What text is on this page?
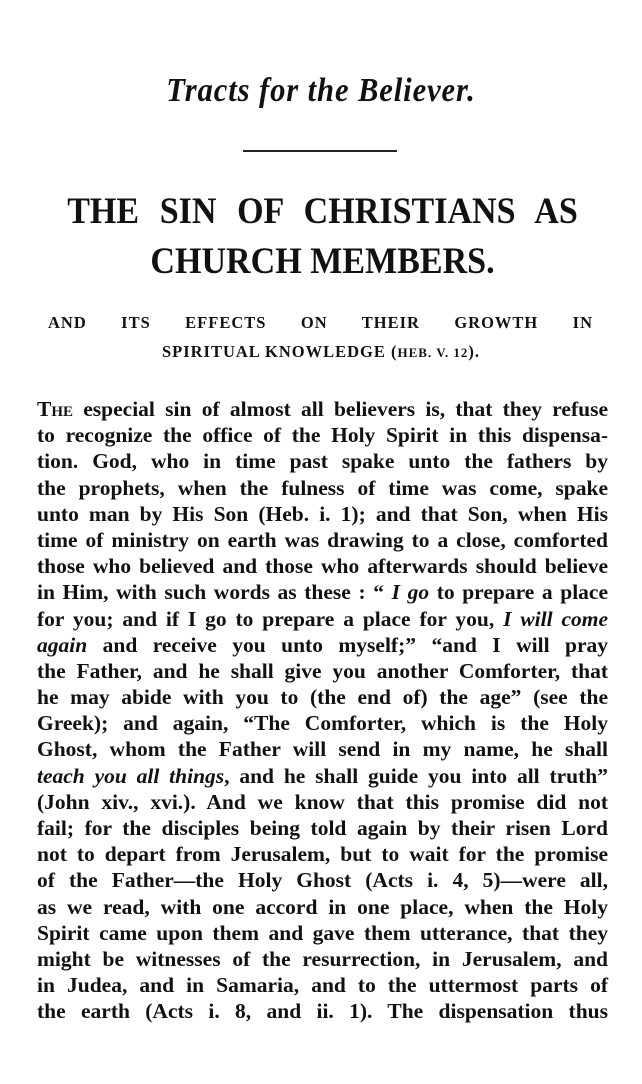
Tracts for the Believer.
THE SIN OF CHRISTIANS AS
CHURCH MEMBERS.
AND ITS EFFECTS ON THEIR GROWTH IN
SPIRITUAL KNOWLEDGE (HEB. V. 12).
The especial sin of almost all believers is, that they refuse
to recognize the office of the Holy Spirit in this dispensa-
tion. God, who in time past spake unto the fathers by
the prophets, when the fulness of time was come, spake
unto man by His Son (Heb. i. 1); and that Son, when His
time of ministry on earth was drawing to a close, comforted
those who believed and those who afterwards should believe
in Him, with such words as these : “ I go to prepare a place
for you; and if I go to prepare a place for you, I will come
again and receive you unto myself;” “and I will pray
the Father, and he shall give you another Comforter, that
he may abide with you to (the end of) the age” (see the
Greek); and again, “The Comforter, which is the Holy
Ghost, whom the Father will send in my name, he shall
teach you all things, and he shall guide you into all truth”
(John xiv., xvi.). And we know that this promise did not
fail; for the disciples being told again by their risen Lord
not to depart from Jerusalem, but to wait for the promise
of the Father—the Holy Ghost (Acts i. 4, 5)—were all,
as we read, with one accord in one place, when the Holy
Spirit came upon them and gave them utterance, that they
might be witnesses of the resurrection, in Jerusalem, and
in Judea, and in Samaria, and to the uttermost parts of
the earth (Acts i. 8, and ii. 1). The dispensation thus
